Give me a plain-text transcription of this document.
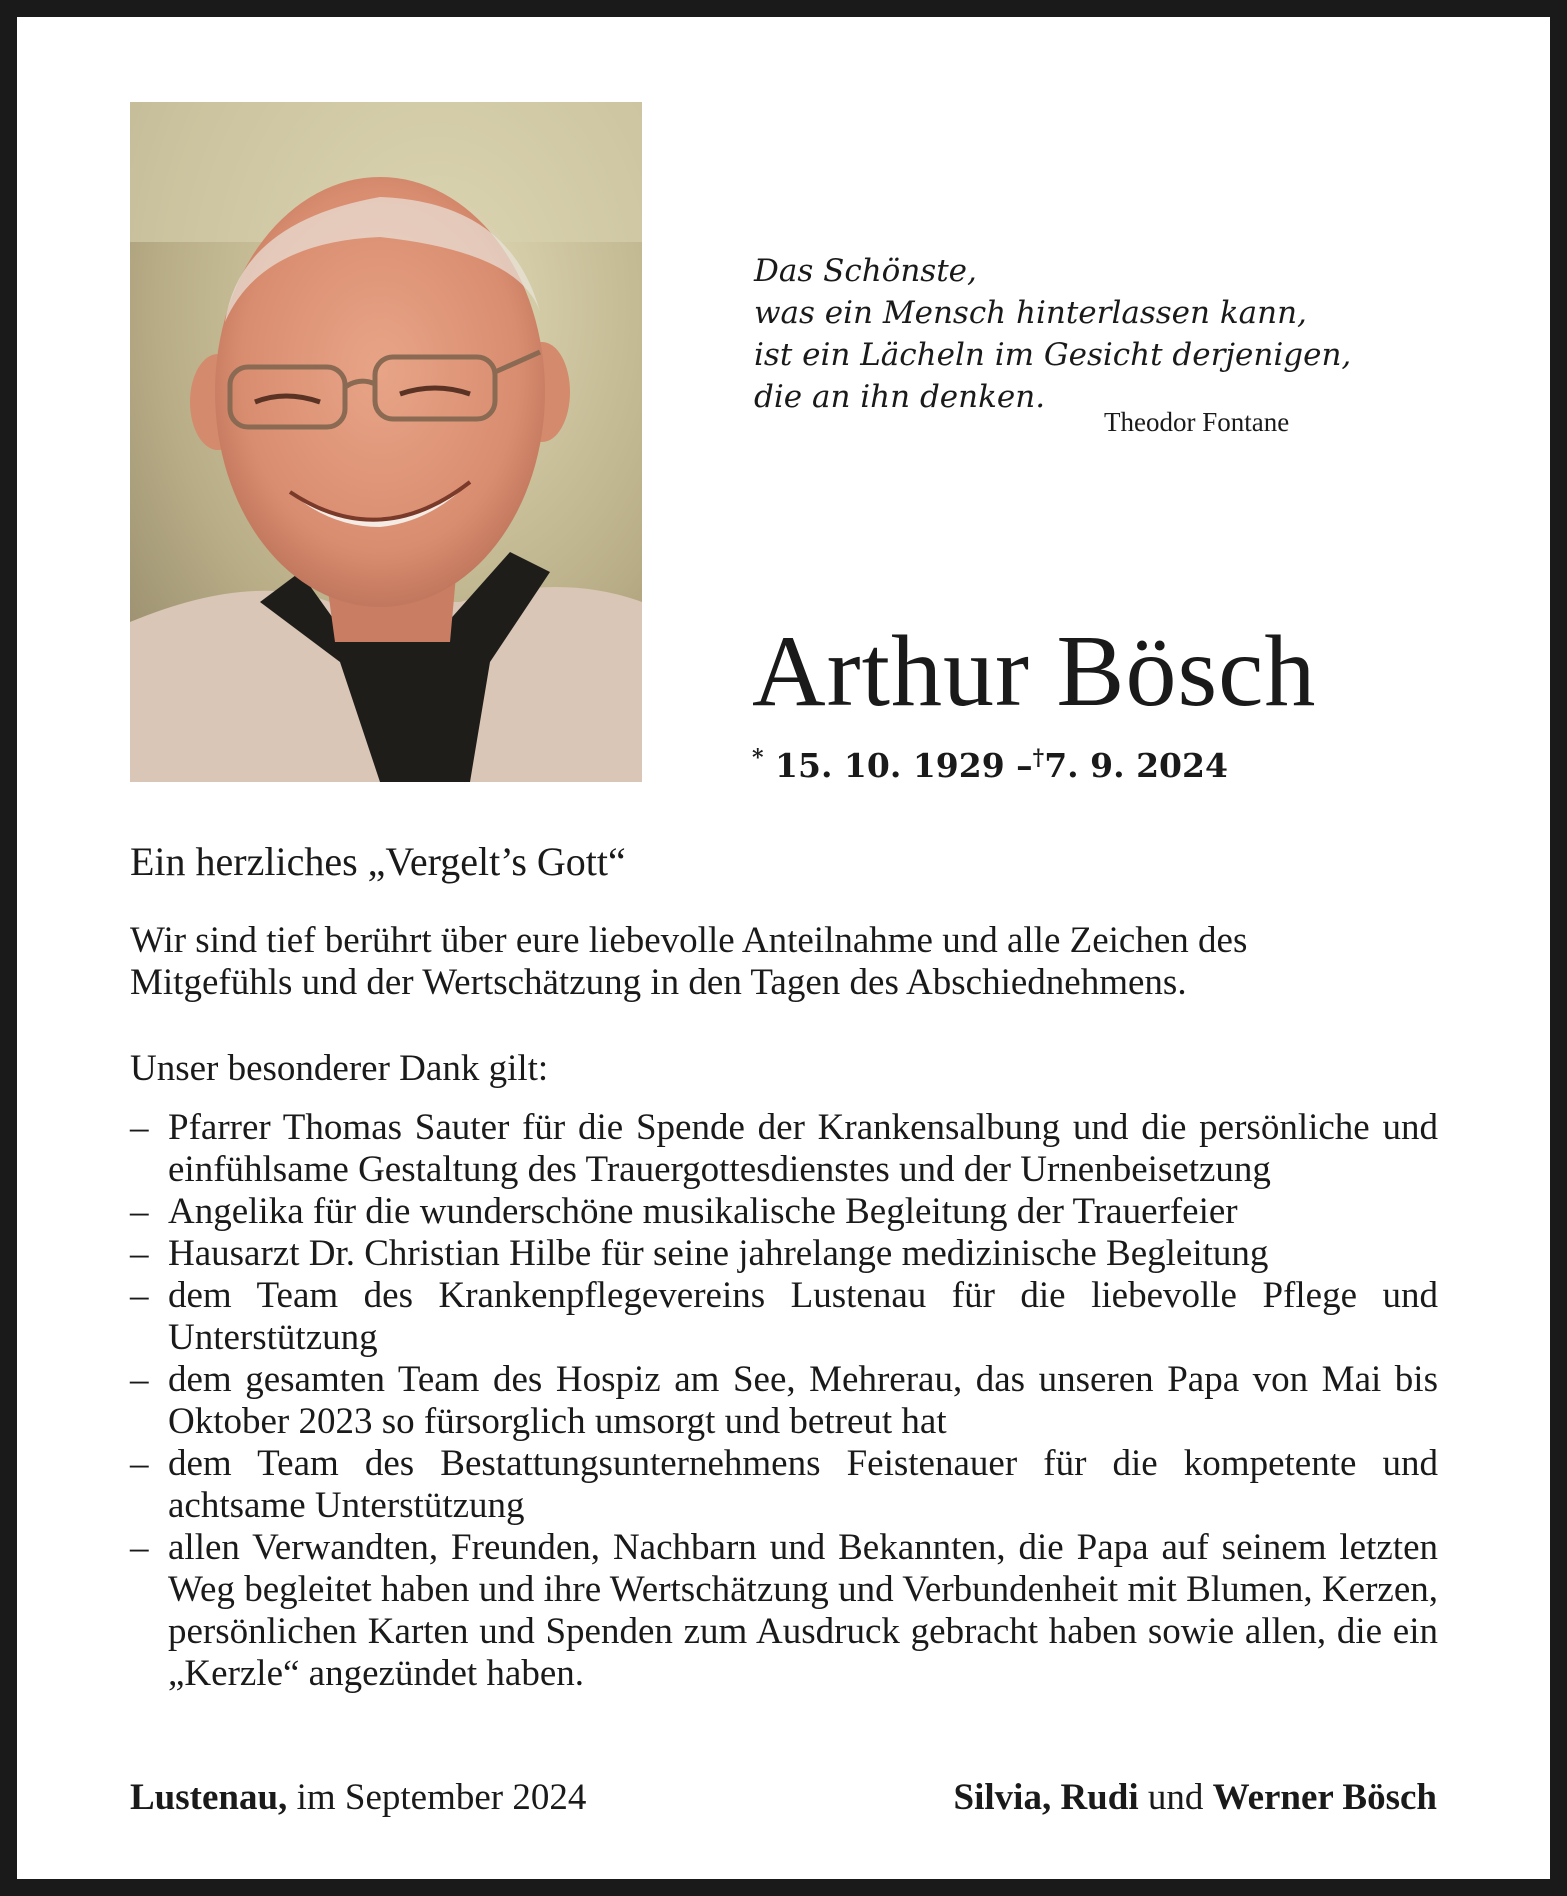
Das Schönste,
was ein Mensch hinterlassen kann,
ist ein Lächeln im Gesicht derjenigen,
die an ihn denken.
Theodor Fontane
Arthur Bösch
* 15. 10. 1929 –†7. 9. 2024
Ein herzliches „Vergelt’s Gott“
Wir sind tief berührt über eure liebevolle Anteilnahme und alle Zeichen des
Mitgefühls und der Wertschätzung in den Tagen des Abschiednehmens.
Unser besonderer Dank gilt:
– Pfarrer Thomas Sauter für die Spende der Krankensalbung und die persönliche und einfühlsame Gestaltung des Trauergottesdienstes und der Urnenbeisetzung
– Angelika für die wunderschöne musikalische Begleitung der Trauerfeier
– Hausarzt Dr. Christian Hilbe für seine jahrelange medizinische Begleitung
– dem Team des Krankenpflegevereins Lustenau für die liebevolle Pflege und Unterstützung
– dem gesamten Team des Hospiz am See, Mehrerau, das unseren Papa von Mai bis Oktober 2023 so fürsorglich umsorgt und betreut hat
– dem Team des Bestattungsunternehmens Feistenauer für die kompetente und achtsame Unterstützung
– allen Verwandten, Freunden, Nachbarn und Bekannten, die Papa auf seinem letzten Weg begleitet haben und ihre Wertschätzung und Verbundenheit mit Blumen, Kerzen, persönlichen Karten und Spenden zum Ausdruck gebracht haben sowie allen, die ein „Kerzle“ angezündet haben.
Lustenau, im September 2024	Silvia, Rudi und Werner Bösch
